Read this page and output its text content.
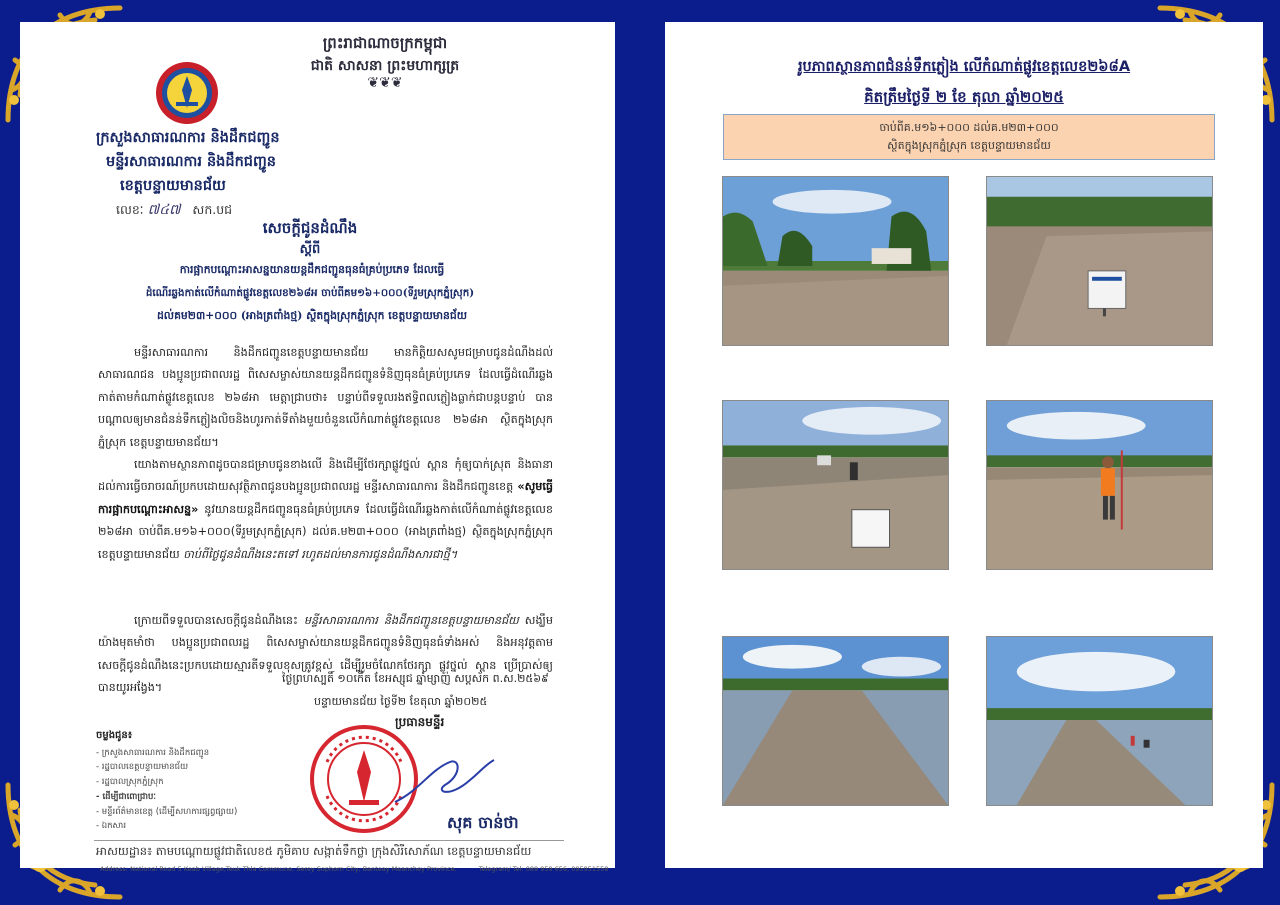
ព្រះរាជាណាចក្រកម្ពុជា
ជាតិ សាសនា ព្រះមហាក្សត្រ
❦❦❦
ក្រសួងសាធារណការ និងដឹកជញ្ជូន
មន្ទីរសាធារណការ និងដឹកជញ្ជូន
ខេត្តបន្ទាយមានជ័យ
លេខៈ ៧៤៧ សក.បជ
សេចក្តីជូនដំណឹង
ស្តីពី
ការផ្អាកបណ្ដោះអាសន្នយានយន្តដឹកជញ្ជូនធុនធំគ្រប់ប្រភេទ ដែលធ្វើ
ដំណើរឆ្លងកាត់លើកំណាត់ផ្លូវខេត្តលេខ២៦៨អ ចាប់ពីគម១៦+០០០(ទីរួមស្រុកភ្នំស្រុក)
ដល់គម២៣+០០០ (អាងត្រពាំងថ្ម) ស្ថិតក្នុងស្រុកភ្នំស្រុក ខេត្តបន្ទាយមានជ័យ
មន្ទីរសាធារណការ និងដឹកជញ្ជូនខេត្តបន្ទាយមានជ័យ មានកិត្តិយសសូមជម្រាបជូនដំណឹងដល់សាធារណជន បងប្អូនប្រជាពលរដ្ឋ ពិសេសម្ចាស់យានយន្តដឹកជញ្ជូនទំនិញធុនធំគ្រប់ប្រភេទ ដែលធ្វើដំណើរឆ្លងកាត់តាមកំណាត់ផ្លូវខេត្តលេខ ២៦៨អា មេត្តាជ្រាបថា៖ បន្ទាប់ពីទទួលរងឥទ្ធិពលភ្លៀងធ្លាក់ជាបន្តបន្ទាប់ បានបណ្តាលឲ្យមានជំនន់ទឹកភ្លៀងលិចនិងហូរកាត់ទីតាំងមួយចំនួនលើកំណាត់ផ្លូវខេត្តលេខ ២៦៨អា ស្ថិតក្នុងស្រុកភ្នំស្រុក ខេត្តបន្ទាយមានជ័យ។
យោងតាមស្ថានភាពដូចបានជម្រាបជូនខាងលើ និងដើម្បីថែរក្សាផ្លូវថ្នល់ ស្ពាន កុំឲ្យបាក់ស្រុត និងធានាដល់ការធ្វើចរាចរណ៍ប្រកបដោយសុវត្ថិភាពជូនបងប្អូនប្រជាពលរដ្ឋ មន្ទីរសាធារណការ និងដឹកជញ្ជូនខេត្ត «សូមធ្វើការផ្អាកបណ្ដោះអាសន្ន» នូវយានយន្តដឹកជញ្ជូនធុនធំគ្រប់ប្រភេទ ដែលធ្វើដំណើរឆ្លងកាត់លើកំណាត់ផ្លូវខេត្តលេខ ២៦៨អា ចាប់ពីគ.ម១៦+០០០(ទីរួមស្រុកភ្នំស្រុក) ដល់គ.ម២៣+០០០ (អាងត្រពាំងថ្ម) ស្ថិតក្នុងស្រុកភ្នំស្រុក ខេត្តបន្ទាយមានជ័យ ចាប់ពីថ្ងៃជូនដំណឹងនេះតទៅ រហូតដល់មានការជូនដំណឹងសារជាថ្មី។
ក្រោយពីទទួលបានសេចក្តីជូនដំណឹងនេះ មន្ទីរសាធារណការ និងដឹកជញ្ជូនខេត្តបន្ទាយមានជ័យ សង្ឃឹមយ៉ាងមុតមាំថា បងប្អូនប្រជាពលរដ្ឋ ពិសេសម្ចាស់យានយន្តដឹកជញ្ជូនទំនិញធុនធំទាំងអស់ និងអនុវត្តតាមសេចក្តីជូនដំណឹងនេះប្រកបដោយស្មារតីទទួលខុសត្រូវខ្ពស់ ដើម្បីរួមចំណែកថែរក្សា ផ្លូវថ្នល់ ស្ពាន ប្រើប្រាស់ឲ្យបានយូរអង្វែង។
ថ្ងៃព្រហស្បតិ៍ ១០កើត ខែអស្សុជ ឆ្នាំម្សាញ់ សប្តស័ក ព.ស.២៥៦៩
បន្ទាយមានជ័យ ថ្ងៃទី២ ខែតុលា ឆ្នាំ២០២៥
ប្រធានមន្ទីរ
សុគ ចាន់ថា
ចម្លងជូន៖
- ក្រសួងសាធារណការ និងដឹកជញ្ជូន
- រដ្ឋបាលខេត្តបន្ទាយមានជ័យ
- រដ្ឋបាលស្រុកភ្នំស្រុក
- ដើម្បីជាពោជ្រាបៈ
- មន្ទីរព័ត៌មានខេត្ត (ដើម្បីសហការផ្សព្វផ្សាយ)
- ឯកសារ
អាសយដ្ឋាន៖ តាមបណ្ដោយផ្លូវជាតិលេខ៥ ភូមិគាប សង្កាត់ទឹកថ្លា ក្រុងសិរីសោភ័ណ ខេត្តបន្ទាយមានជ័យ
Address: National Road 5 Keab Village,Teuk Thla Commune, Serey Sophorn City, Banteay Meanchey Province.	Telegram/ Tel: 089 959 656, 095951558
រូបភាពស្ថានភាពជំនន់ទឹកភ្លៀង លើកំណាត់ផ្លូវខេត្តលេខ២៦៨A
គិតត្រឹមថ្ងៃទី ២ ខែ តុលា ឆ្នាំ២០២៥
ចាប់ពីគ.ម១៦+០០០ ដល់គ.ម២៣+០០០
ស្ថិតក្នុងស្រុកភ្នំស្រុក ខេត្តបន្ទាយមានជ័យ
